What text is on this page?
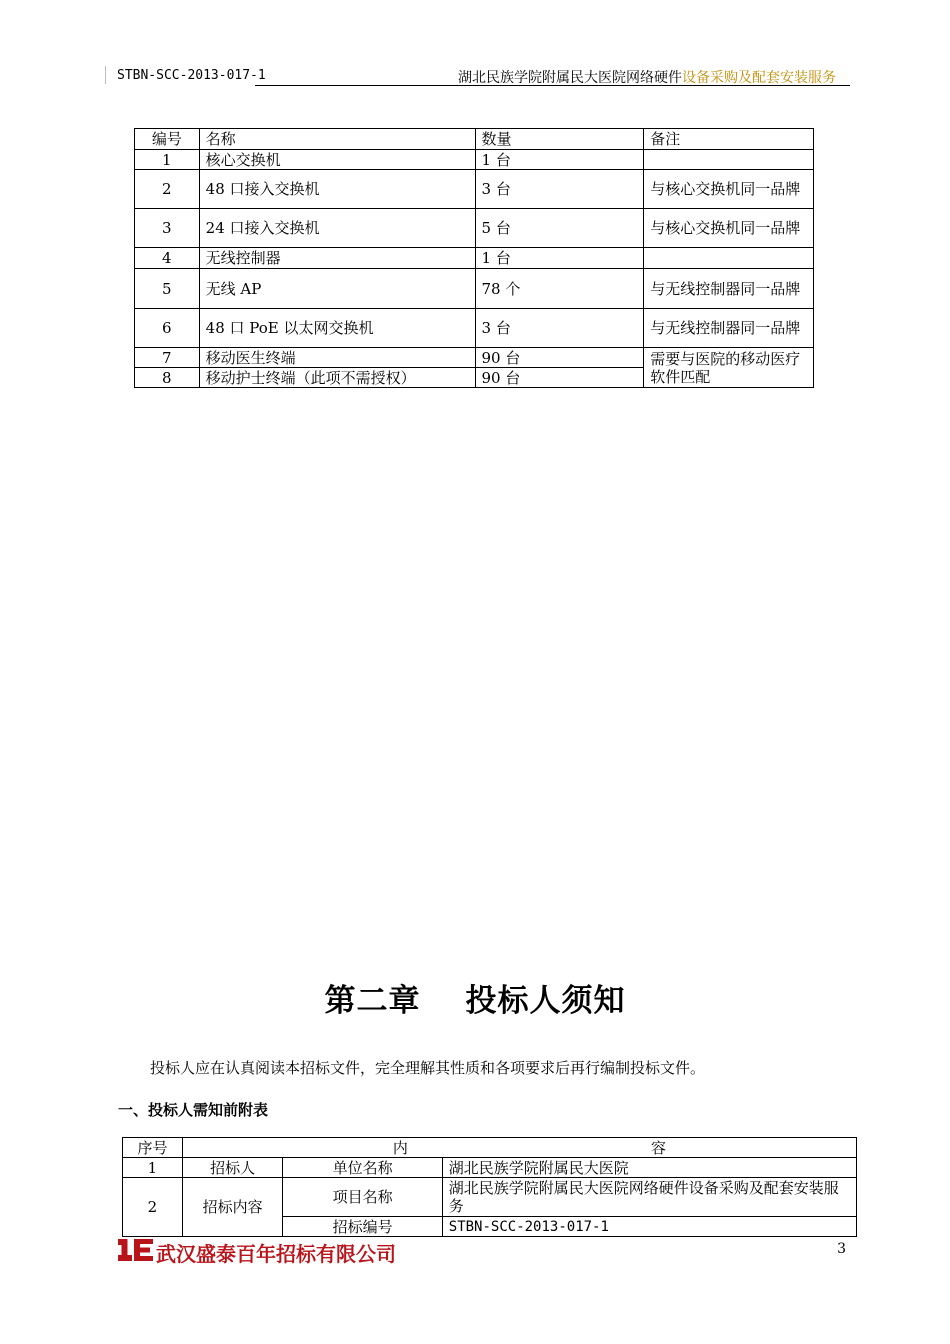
STBN-SCC-2013-017-1	湖北民族学院附属民大医院网络硬件设备采购及配套安装服务
编号	名称	数量	备注
1	核心交换机	1 台	
2	48 口接入交换机	3 台	与核心交换机同一品牌
3	24 口接入交换机	5 台	与核心交换机同一品牌
4	无线控制器	1 台	
5	无线 AP	78 个	与无线控制器同一品牌
6	48 口 PoE 以太网交换机	3 台	与无线控制器同一品牌
7	移动医生终端	90 台	需要与医院的移动医疗软件匹配
8	移动护士终端（此项不需授权）	90 台	
第二章 投标人须知
投标人应在认真阅读本招标文件，完全理解其性质和各项要求后再行编制投标文件。
一、投标人需知前附表
序号	内 容		

1	招标人	单位名称	湖北民族学院附属民大医院
2	招标内容	项目名称	湖北民族学院附属民大医院网络硬件设备采购及配套安装服务
		招标编号	STBN-SCC-2013-017-1
武汉盛泰百年招标有限公司	3
